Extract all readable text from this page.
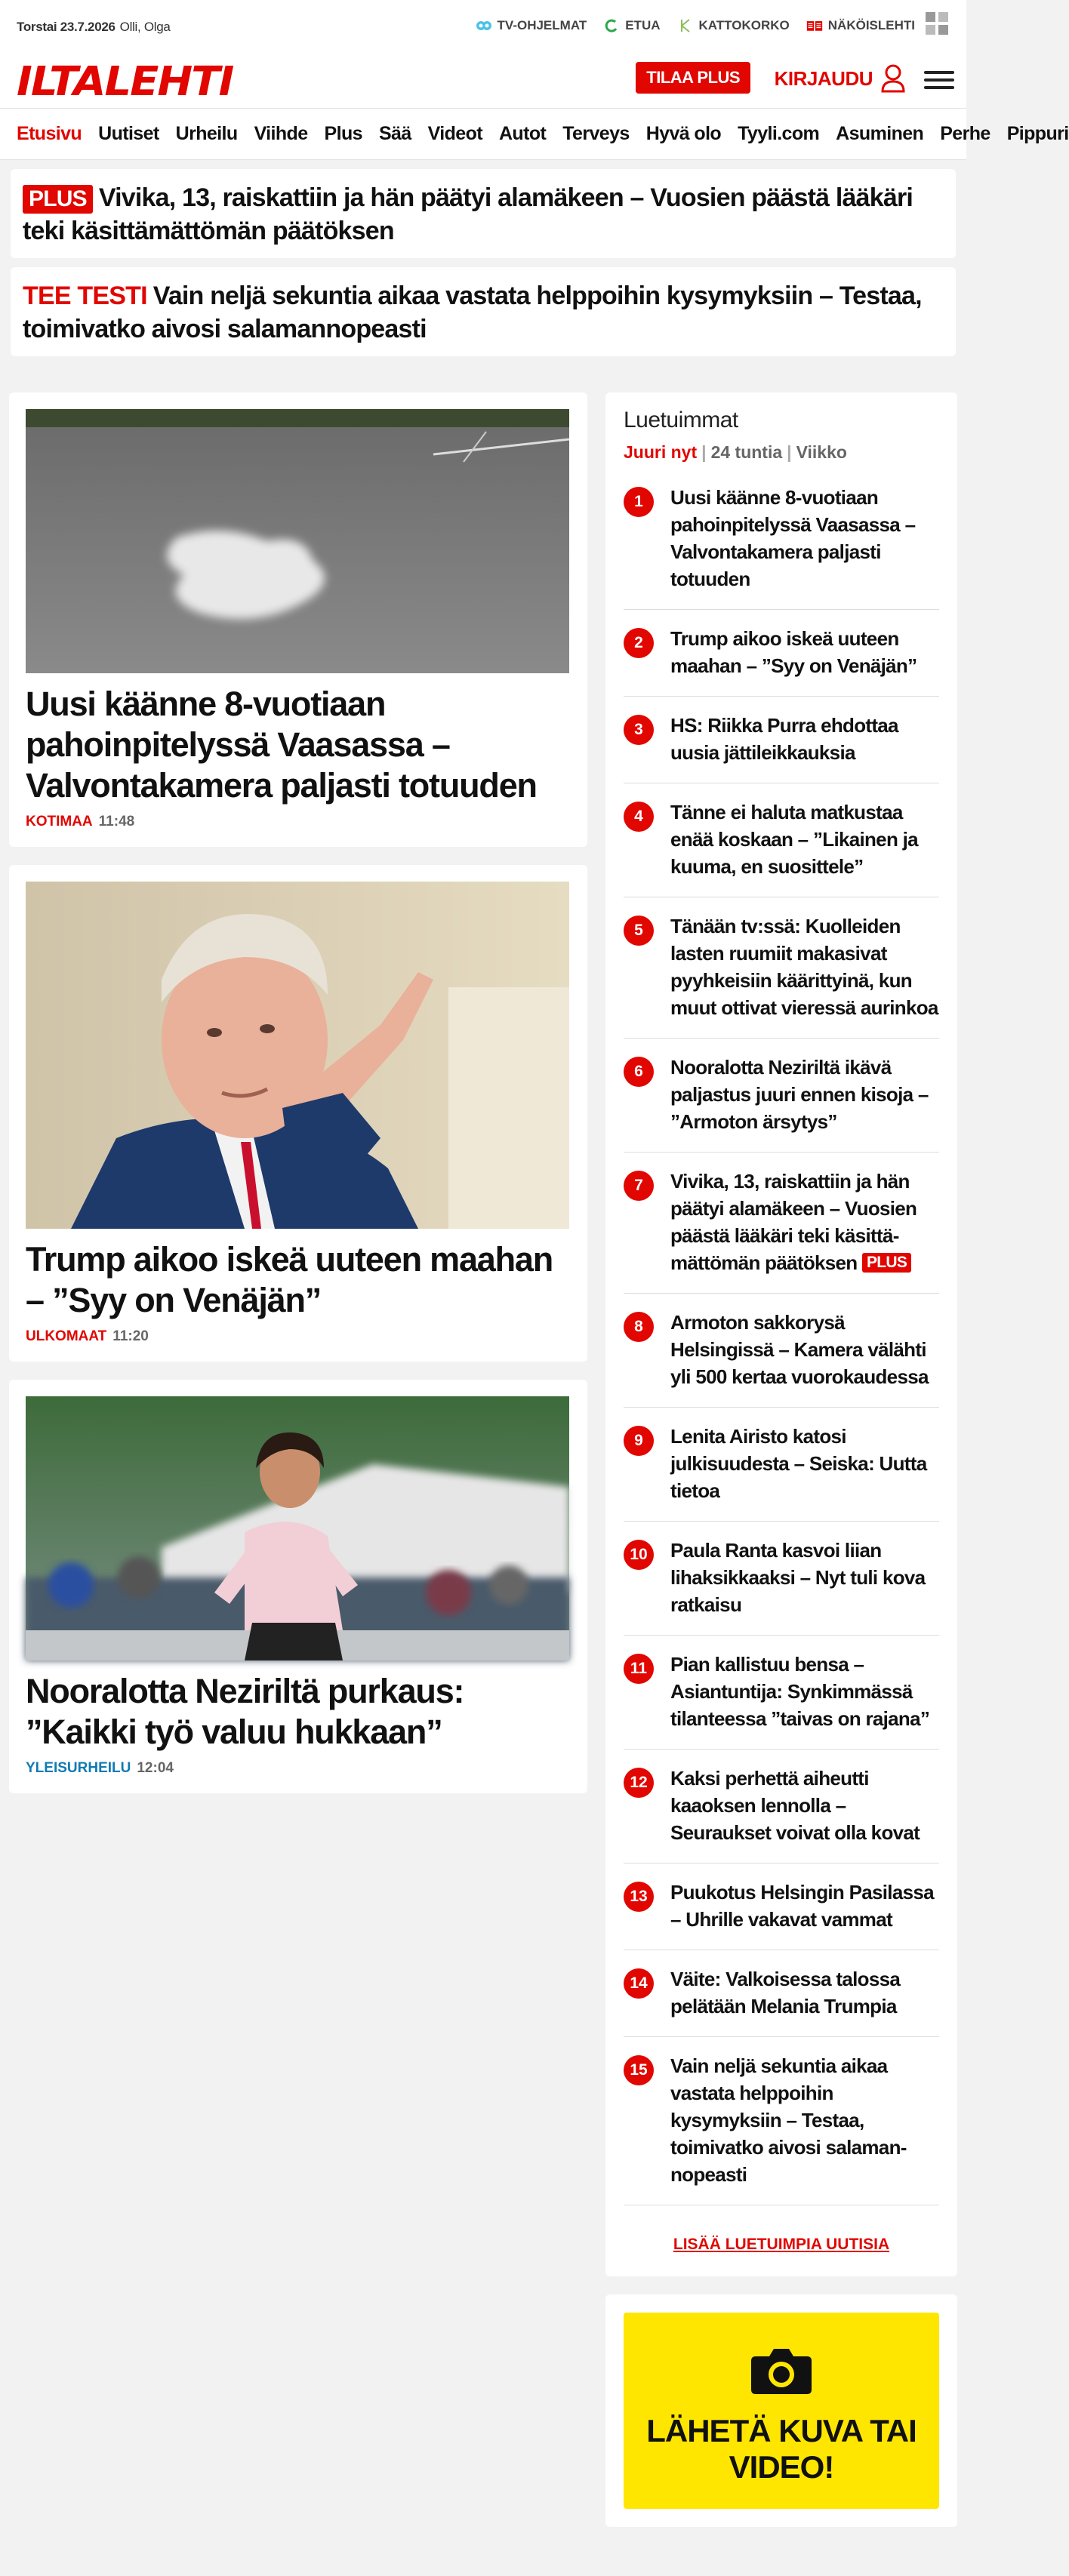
Torstai 23.7.2026 Olli, Olga	TV-OHJELMAT	ETUA	KATTOKORKO	NÄKÖISLEHTI
ILTALEHTI	TILAA PLUS	KIRJAUDU
Etusivu Uutiset Urheilu Viihde Plus Sää Videot Autot Terveys Hyvä olo Tyyli.com Asuminen Perhe Pippuri
PLUS Vivika, 13, raiskattiin ja hän päätyi alamäkeen – Vuosien päästä lääkäri teki käsittämättömän päätöksen
TEE TESTI Vain neljä sekuntia aikaa vastata helppoihin kysymyksiin – Testaa, toimivatko aivosi salamannopeasti
Uusi käänne 8-vuotiaan pahoinpitelyssä Vaasassa – Valvontakamera paljasti totuuden
KOTIMAA 11:48
Trump aikoo iskeä uuteen maahan – ”Syy on Venäjän”
ULKOMAAT 11:20
Nooralotta Neziriltä purkaus: ”Kaikki työ valuu hukkaan”
YLEISURHEILU 12:04
Luetuimmat
Juuri nyt | 24 tuntia | Viikko
1	Uusi käänne 8-vuotiaan pahoinpitelyssä Vaasassa – Valvontakamera paljasti totuuden
2	Trump aikoo iskeä uuteen maahan – ”Syy on Venäjän”
3	HS: Riikka Purra ehdottaa uusia jättileikkauksia
4	Tänne ei haluta matkustaa enää koskaan – ”Likainen ja kuuma, en suosittele”
5	Tänään tv:ssä: Kuolleiden lasten ruumiit makasivat pyyhkeisiin käärittyinä, kun muut ottivat vieressä aurinkoa
6	Nooralotta Neziriltä ikävä paljastus juuri ennen kisoja – ”Armoton ärsytys”
7	Vivika, 13, raiskattiin ja hän päätyi alamäkeen – Vuosien päästä lääkäri teki käsittämättömän päätöksen PLUS
8	Armoton sakkorysä Helsingissä – Kamera välähti yli 500 kertaa vuorokaudessa
9	Lenita Airisto katosi julkisuudesta – Seiska: Uutta tietoa
10	Paula Ranta kasvoi liian lihaksikkaaksi – Nyt tuli kova ratkaisu
11	Pian kallistuu bensa – Asiantuntija: Synkimmässä tilanteessa ”taivas on rajana”
12	Kaksi perhettä aiheutti kaaoksen lennolla – Seuraukset voivat olla kovat
13	Puukotus Helsingin Pasilassa – Uhrille vakavat vammat
14	Väite: Valkoisessa talossa pelätään Melania Trumpia
15	Vain neljä sekuntia aikaa vastata helppoihin kysymyksiin – Testaa, toimivatko aivosi salamannopeasti
LISÄÄ LUETUIMPIA UUTISIA
LÄHETÄ KUVA TAI VIDEO!
